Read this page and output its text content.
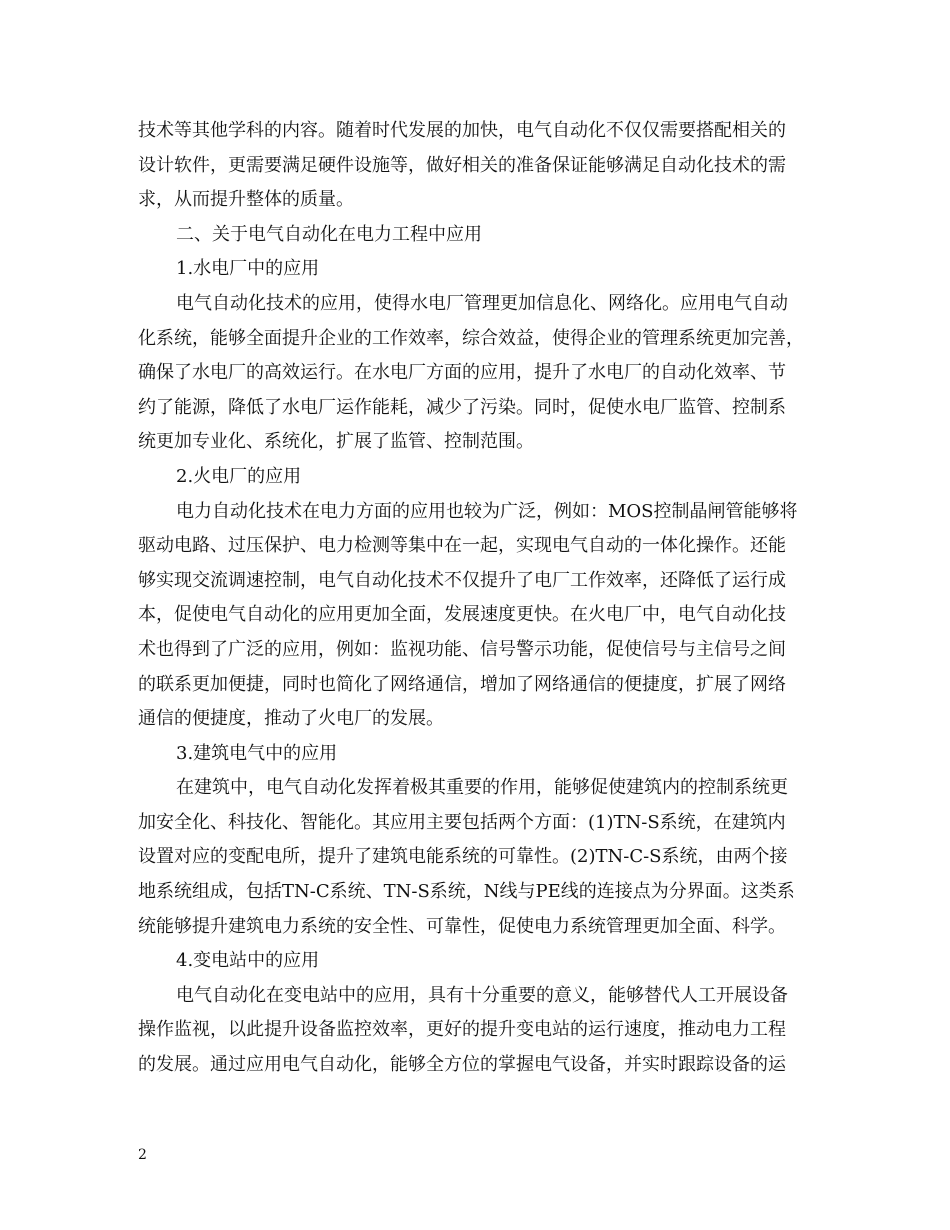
技术等其他学科的内容。随着时代发展的加快，电气自动化不仅仅需要搭配相关的
设计软件，更需要满足硬件设施等，做好相关的准备保证能够满足自动化技术的需
求，从而提升整体的质量。
二、关于电气自动化在电力工程中应用
1.水电厂中的应用
电气自动化技术的应用，使得水电厂管理更加信息化、网络化。应用电气自动
化系统，能够全面提升企业的工作效率，综合效益，使得企业的管理系统更加完善，
确保了水电厂的高效运行。在水电厂方面的应用，提升了水电厂的自动化效率、节
约了能源，降低了水电厂运作能耗，减少了污染。同时，促使水电厂监管、控制系
统更加专业化、系统化，扩展了监管、控制范围。
2.火电厂的应用
电力自动化技术在电力方面的应用也较为广泛，例如：MOS控制晶闸管能够将
驱动电路、过压保护、电力检测等集中在一起，实现电气自动的一体化操作。还能
够实现交流调速控制，电气自动化技术不仅提升了电厂工作效率，还降低了运行成
本，促使电气自动化的应用更加全面，发展速度更快。在火电厂中，电气自动化技
术也得到了广泛的应用，例如：监视功能、信号警示功能，促使信号与主信号之间
的联系更加便捷，同时也简化了网络通信，增加了网络通信的便捷度，扩展了网络
通信的便捷度，推动了火电厂的发展。
3.建筑电气中的应用
在建筑中，电气自动化发挥着极其重要的作用，能够促使建筑内的控制系统更
加安全化、科技化、智能化。其应用主要包括两个方面：(1)TN-S系统，在建筑内
设置对应的变配电所，提升了建筑电能系统的可靠性。(2)TN-C-S系统，由两个接
地系统组成，包括TN-C系统、TN-S系统，N线与PE线的连接点为分界面。这类系
统能够提升建筑电力系统的安全性、可靠性，促使电力系统管理更加全面、科学。
4.变电站中的应用
电气自动化在变电站中的应用，具有十分重要的意义，能够替代人工开展设备
操作监视，以此提升设备监控效率，更好的提升变电站的运行速度，推动电力工程
的发展。通过应用电气自动化，能够全方位的掌握电气设备，并实时跟踪设备的运
2
